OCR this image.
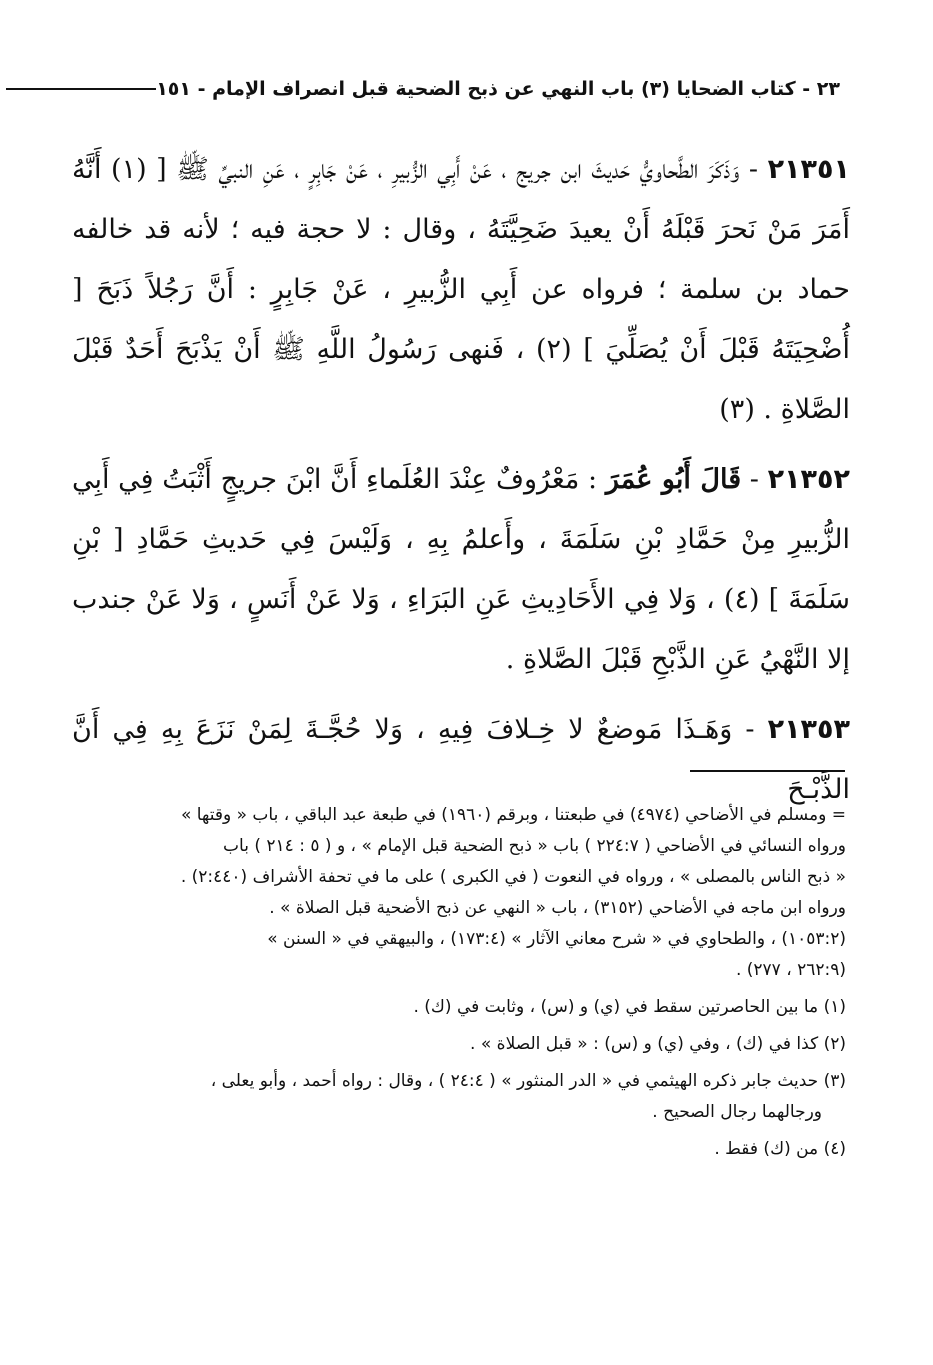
٢٣ - كتاب الضحايا (٣) باب النهي عن ذبح الضحية قبل انصراف الإمام - ١٥١

٢١٣٥١ - وَذَكَرَ الطَّحاويُّ حَديثَ ابن جريج ، عَنْ أَبِي الزُّبيرِ ، عَنْ جَابِرٍ ، عَنِ النبيِّ ﷺ [ (١) أَنَّهُ أَمَرَ مَنْ نَحرَ قَبْلَهُ أَنْ يعيدَ ضَحِيَّتَهُ ، وقال : لا حجة فيه ؛ لأنه قد خالفه حماد بن سلمة ؛ فرواه عن أَبِي الزُّبيرِ ، عَنْ جَابِرٍ : أَنَّ رَجُلاً ذَبَحَ [ أُضْحِيَتَهُ قَبْلَ أَنْ يُصَلِّيَ ] (٢) ، فَنهى رَسُولُ اللَّهِ ﷺ أَنْ يَذْبَحَ أَحَدٌ قَبْلَ الصَّلاةِ . (٣)

٢١٣٥٢ - قَالَ أَبُو عُمَرَ : مَعْرُوفٌ عِنْدَ العُلَماءِ أَنَّ ابْنَ جريجٍ أَثْبَتُ فِي أَبِي الزُّبيرِ مِنْ حَمَّادِ بْنِ سَلَمَةَ ، وأَعلمُ بِهِ ، وَلَيْسَ فِي حَديثِ حَمَّادِ [ بْنِ سَلَمَةَ ] (٤) ، وَلا فِي الأَحَادِيثِ عَنِ البَرَاءِ ، وَلا عَنْ أَنَسٍ ، وَلا عَنْ جندب إلا النَّهْيُ عَنِ الذَّبْحِ قَبْلَ الصَّلاةِ .

٢١٣٥٣ - وَهَـذَا مَوضعٌ لا خِـلافَ فِيهِ ، وَلا حُجَّـةَ لِمَنْ نَزَعَ بِهِ فِي أَنَّ الذَّبْـحَ

= ومسلم في الأضاحي (٤٩٧٤) في طبعتنا ، وبرقم (١٩٦٠) في طبعة عبد الباقي ، باب « وقتها »
ورواه النسائي في الأضاحي ( ٢٢٤:٧ ) باب « ذبح الضحية قبل الإمام » ، و ( ٥ : ٢١٤ ) باب
« ذبح الناس بالمصلى » ، ورواه في النعوت ( في الكبرى ) على ما في تحفة الأشراف (٢:٤٤٠) .
ورواه ابن ماجه في الأضاحي (٣١٥٢) ، باب « النهي عن ذبح الأضحية قبل الصلاة » .
(١٠٥٣:٢) ، والطحاوي في « شرح معاني الآثار » (١٧٣:٤) ، والبيهقي في « السنن »
(٢٦٢:٩ ، ٢٧٧) .
(١) ما بين الحاصرتين سقط في (ي) و (س) ، وثابت في (ك) .
(٢) كذا في (ك) ، وفي (ي) و (س) : « قبل الصلاة » .
(٣) حديث جابر ذكره الهيثمي في « الدر المنثور » ( ٢٤:٤ ) ، وقال : رواه أحمد ، وأبو يعلى ،
ورجالهما رجال الصحيح .
(٤) من (ك) فقط .
